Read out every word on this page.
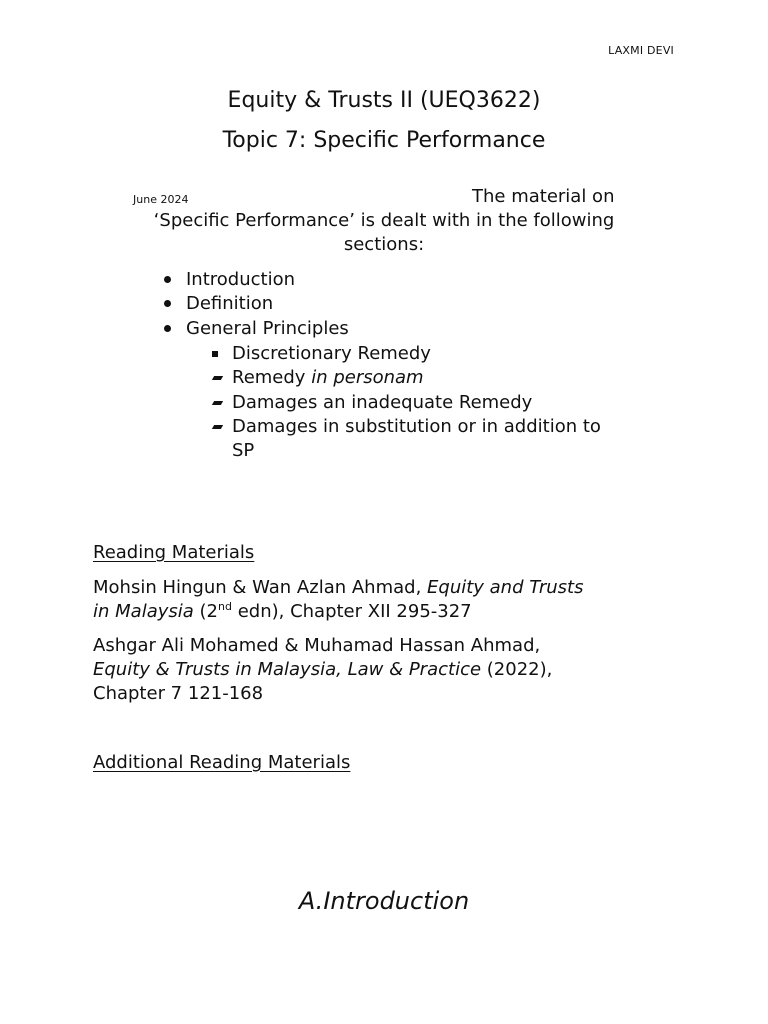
LAXMI DEVI
Equity & Trusts II (UEQ3622)
Topic 7: Specific Performance
June 2024	The material on
‘Specific Performance’ is dealt with in the following
sections:
Introduction
Definition
General Principles
Discretionary Remedy
Remedy in personam
Damages an inadequate Remedy
Damages in substitution or in addition to
SP
Reading Materials
Mohsin Hingun & Wan Azlan Ahmad, Equity and Trusts
in Malaysia (2nd edn), Chapter XII 295-327
Ashgar Ali Mohamed & Muhamad Hassan Ahmad,
Equity & Trusts in Malaysia, Law & Practice (2022),
Chapter 7 121-168
Additional Reading Materials
A.Introduction
